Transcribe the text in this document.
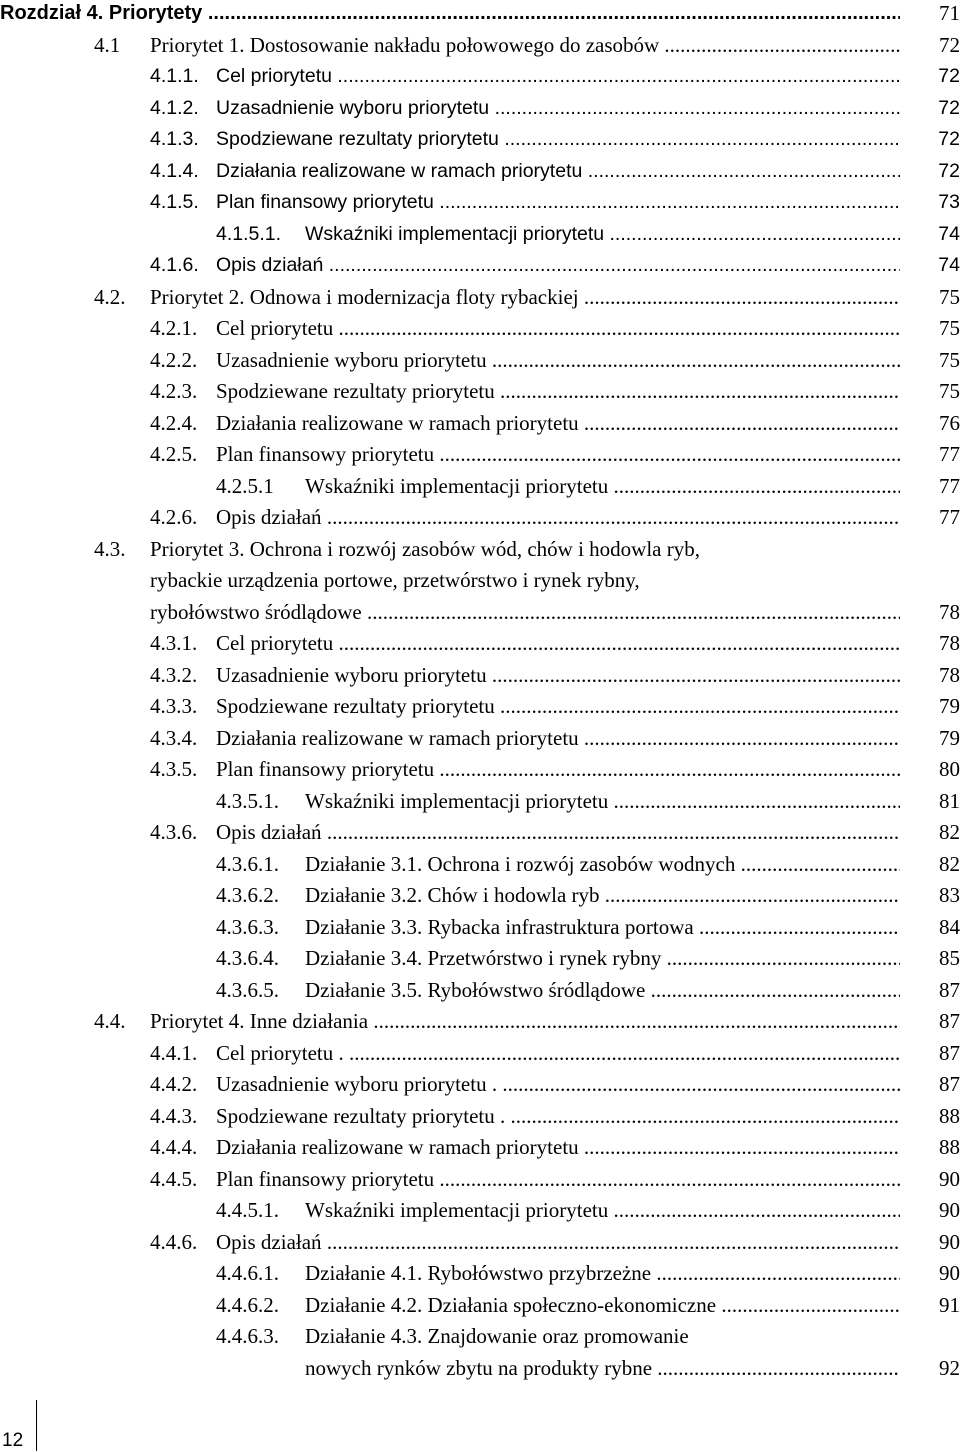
Rozdział 4. Priorytety .....	71
4.1 Priorytet 1. Dostosowanie nakładu połowowego do zasobów .....	72
4.1.1. Cel priorytetu .....	72
4.1.2. Uzasadnienie wyboru priorytetu .....	72
4.1.3. Spodziewane rezultaty priorytetu .....	72
4.1.4. Działania realizowane w ramach priorytetu .....	72
4.1.5. Plan finansowy priorytetu .....	73
4.1.5.1. Wskaźniki implementacji priorytetu .....	74
4.1.6. Opis działań .....	74
4.2. Priorytet 2. Odnowa i modernizacja floty rybackiej .....	75
4.2.1. Cel priorytetu .....	75
4.2.2. Uzasadnienie wyboru priorytetu .....	75
4.2.3. Spodziewane rezultaty priorytetu .....	75
4.2.4. Działania realizowane w ramach priorytetu .....	76
4.2.5. Plan finansowy priorytetu .....	77
4.2.5.1 Wskaźniki implementacji priorytetu .....	77
4.2.6. Opis działań .....	77
4.3. Priorytet 3. Ochrona i rozwój zasobów wód, chów i hodowla ryb,
rybackie urządzenia portowe, przetwórstwo i rynek rybny,
rybołówstwo śródlądowe .....	78
4.3.1. Cel priorytetu .....	78
4.3.2. Uzasadnienie wyboru priorytetu .....	78
4.3.3. Spodziewane rezultaty priorytetu .....	79
4.3.4. Działania realizowane w ramach priorytetu .....	79
4.3.5. Plan finansowy priorytetu .....	80
4.3.5.1. Wskaźniki implementacji priorytetu .....	81
4.3.6. Opis działań .....	82
4.3.6.1. Działanie 3.1. Ochrona i rozwój zasobów wodnych .....	82
4.3.6.2. Działanie 3.2. Chów i hodowla ryb .....	83
4.3.6.3. Działanie 3.3. Rybacka infrastruktura portowa .....	84
4.3.6.4. Działanie 3.4. Przetwórstwo i rynek rybny .....	85
4.3.6.5. Działanie 3.5. Rybołówstwo śródlądowe .....	87
4.4. Priorytet 4. Inne działania .....	87
4.4.1. Cel priorytetu . .....	87
4.4.2. Uzasadnienie wyboru priorytetu . .....	87
4.4.3. Spodziewane rezultaty priorytetu . .....	88
4.4.4. Działania realizowane w ramach priorytetu .....	88
4.4.5. Plan finansowy priorytetu .....	90
4.4.5.1. Wskaźniki implementacji priorytetu .....	90
4.4.6. Opis działań .....	90
4.4.6.1. Działanie 4.1. Rybołówstwo przybrzeżne .....	90
4.4.6.2. Działanie 4.2. Działania społeczno-ekonomiczne .....	91
4.4.6.3. Działanie 4.3. Znajdowanie oraz promowanie
nowych rynków zbytu na produkty rybne .....	92
12
